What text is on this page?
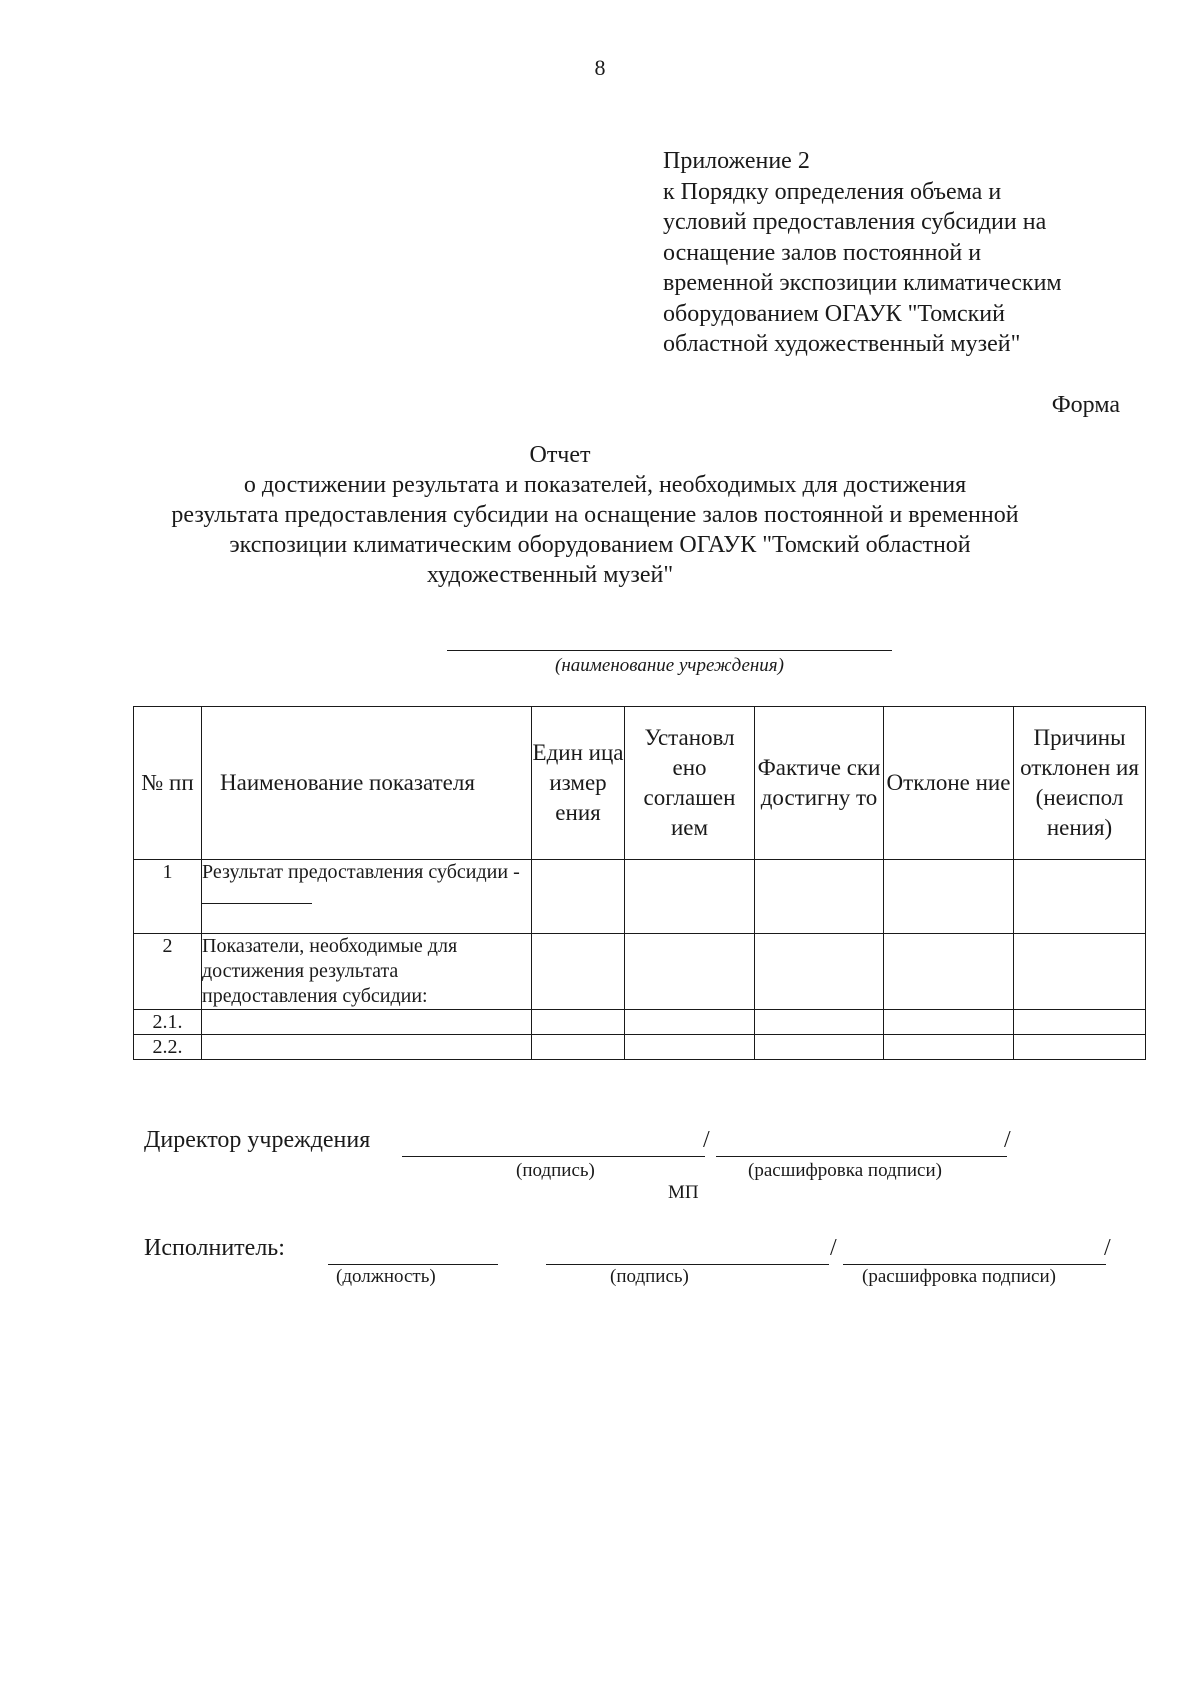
8
Приложение 2
к Порядку определения объема и
условий предоставления субсидии на
оснащение залов постоянной и
временной экспозиции климатическим
оборудованием ОГАУК "Томский
областной художественный музей"
Форма
Отчет
о достижении результата и показателей, необходимых для достижения
результата предоставления субсидии на оснащение залов постоянной и временной
экспозиции климатическим оборудованием ОГАУК "Томский областной
художественный музей"
(наименование учреждения)
№ пп	Наименование показателя	Един ица измер ения	Установл ено соглашен ием	Фактиче ски достигну то	Отклоне ние	Причины отклонен ия (неиспол нения)
1	Результат предоставления субсидии -					
2	Показатели, необходимые для достижения результата предоставления субсидии:					
2.1.						
2.2.						
Директор учреждения	/	/
(подпись)	(расшифровка подписи)
МП
Исполнитель:	/	/
(должность)	(подпись)	(расшифровка подписи)
